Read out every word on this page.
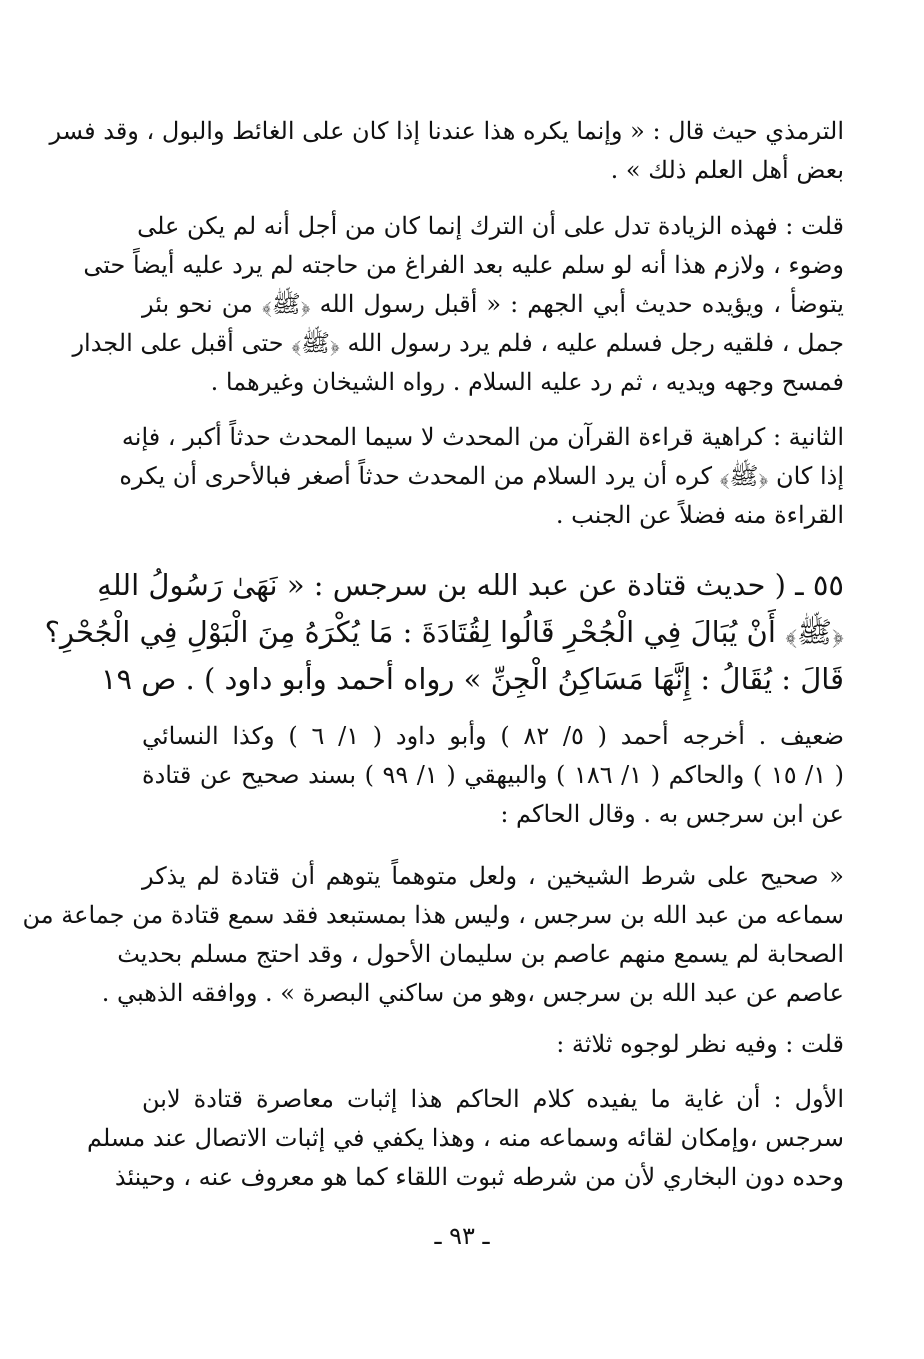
الترمذي حيث قال : « وإنما يكره هذا عندنا إذا كان على الغائط والبول ، وقد فسر
بعض أهل العلم ذلك » .
قلت : فهذه الزيادة تدل على أن الترك إنما كان من أجل أنه لم يكن على
وضوء ، ولازم هذا أنه لو سلم عليه بعد الفراغ من حاجته لم يرد عليه أيضاً حتى
يتوضأ ، ويؤيده حديث أبي الجهم : « أقبل رسول الله ﴿ﷺ﴾ من نحو بئر
جمل ، فلقيه رجل فسلم عليه ، فلم يرد رسول الله ﴿ﷺ﴾ حتى أقبل على الجدار
فمسح وجهه ويديه ، ثم رد عليه السلام . رواه الشيخان وغيرهما .
الثانية : كراهية قراءة القرآن من المحدث لا سيما المحدث حدثاً أكبر ، فإنه
إذا كان ﴿ﷺ﴾ كره أن يرد السلام من المحدث حدثاً أصغر فبالأحرى أن يكره
القراءة منه فضلاً عن الجنب .
٥٥ ـ ( حديث قتادة عن عبد الله بن سرجس : « نَهَىٰ رَسُولُ اللهِ
﴿ﷺ﴾ أَنْ يُبَالَ فِي الْجُحْرِ قَالُوا لِقُتَادَةَ : مَا يُكْرَهُ مِنَ الْبَوْلِ فِي الْجُحْرِ؟
قَالَ : يُقَالُ : إِنَّهَا مَسَاكِنُ الْجِنِّ » رواه أحمد وأبو داود ) . ص ١٩
ضعيف . أخرجه أحمد ( ٥/ ٨٢ ) وأبو داود ( ١/ ٦ ) وكذا النسائي
( ١/ ١٥ ) والحاكم ( ١/ ١٨٦ ) والبيهقي ( ١/ ٩٩ ) بسند صحيح عن قتادة
عن ابن سرجس به . وقال الحاكم :
« صحيح على شرط الشيخين ، ولعل متوهماً يتوهم أن قتادة لم يذكر
سماعه من عبد الله بن سرجس ، وليس هذا بمستبعد فقد سمع قتادة من جماعة من
الصحابة لم يسمع منهم عاصم بن سليمان الأحول ، وقد احتج مسلم بحديث
عاصم عن عبد الله بن سرجس ،وهو من ساكني البصرة » . ووافقه الذهبي .
قلت : وفيه نظر لوجوه ثلاثة :
الأول : أن غاية ما يفيده كلام الحاكم هذا إثبات معاصرة قتادة لابن
سرجس ،وإمكان لقائه وسماعه منه ، وهذا يكفي في إثبات الاتصال عند مسلم
وحده دون البخاري لأن من شرطه ثبوت اللقاء كما هو معروف عنه ، وحينئذ
ـ ٩٣ ـ
